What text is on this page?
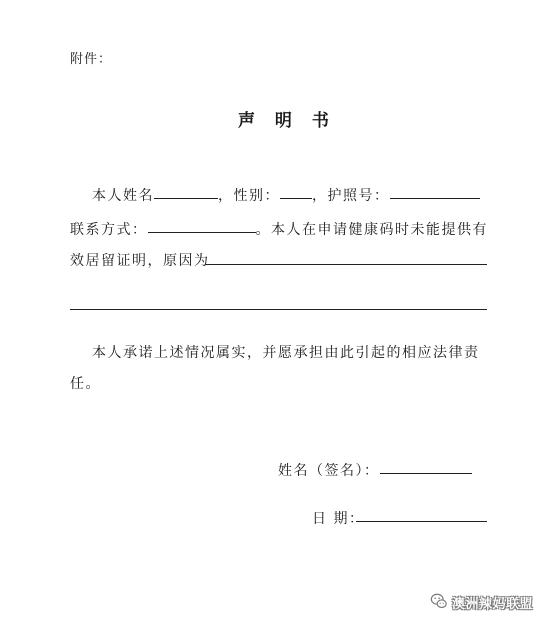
附件：
声 明 书
本人姓名	，性别： ，护照号：
联系方式：	。本人在申请健康码时未能提供有
效居留证明，原因为
本人承诺上述情况属实，并愿承担由此引起的相应法律责
任。
姓名（签名）：
日 期：
澳洲辣妈联盟
